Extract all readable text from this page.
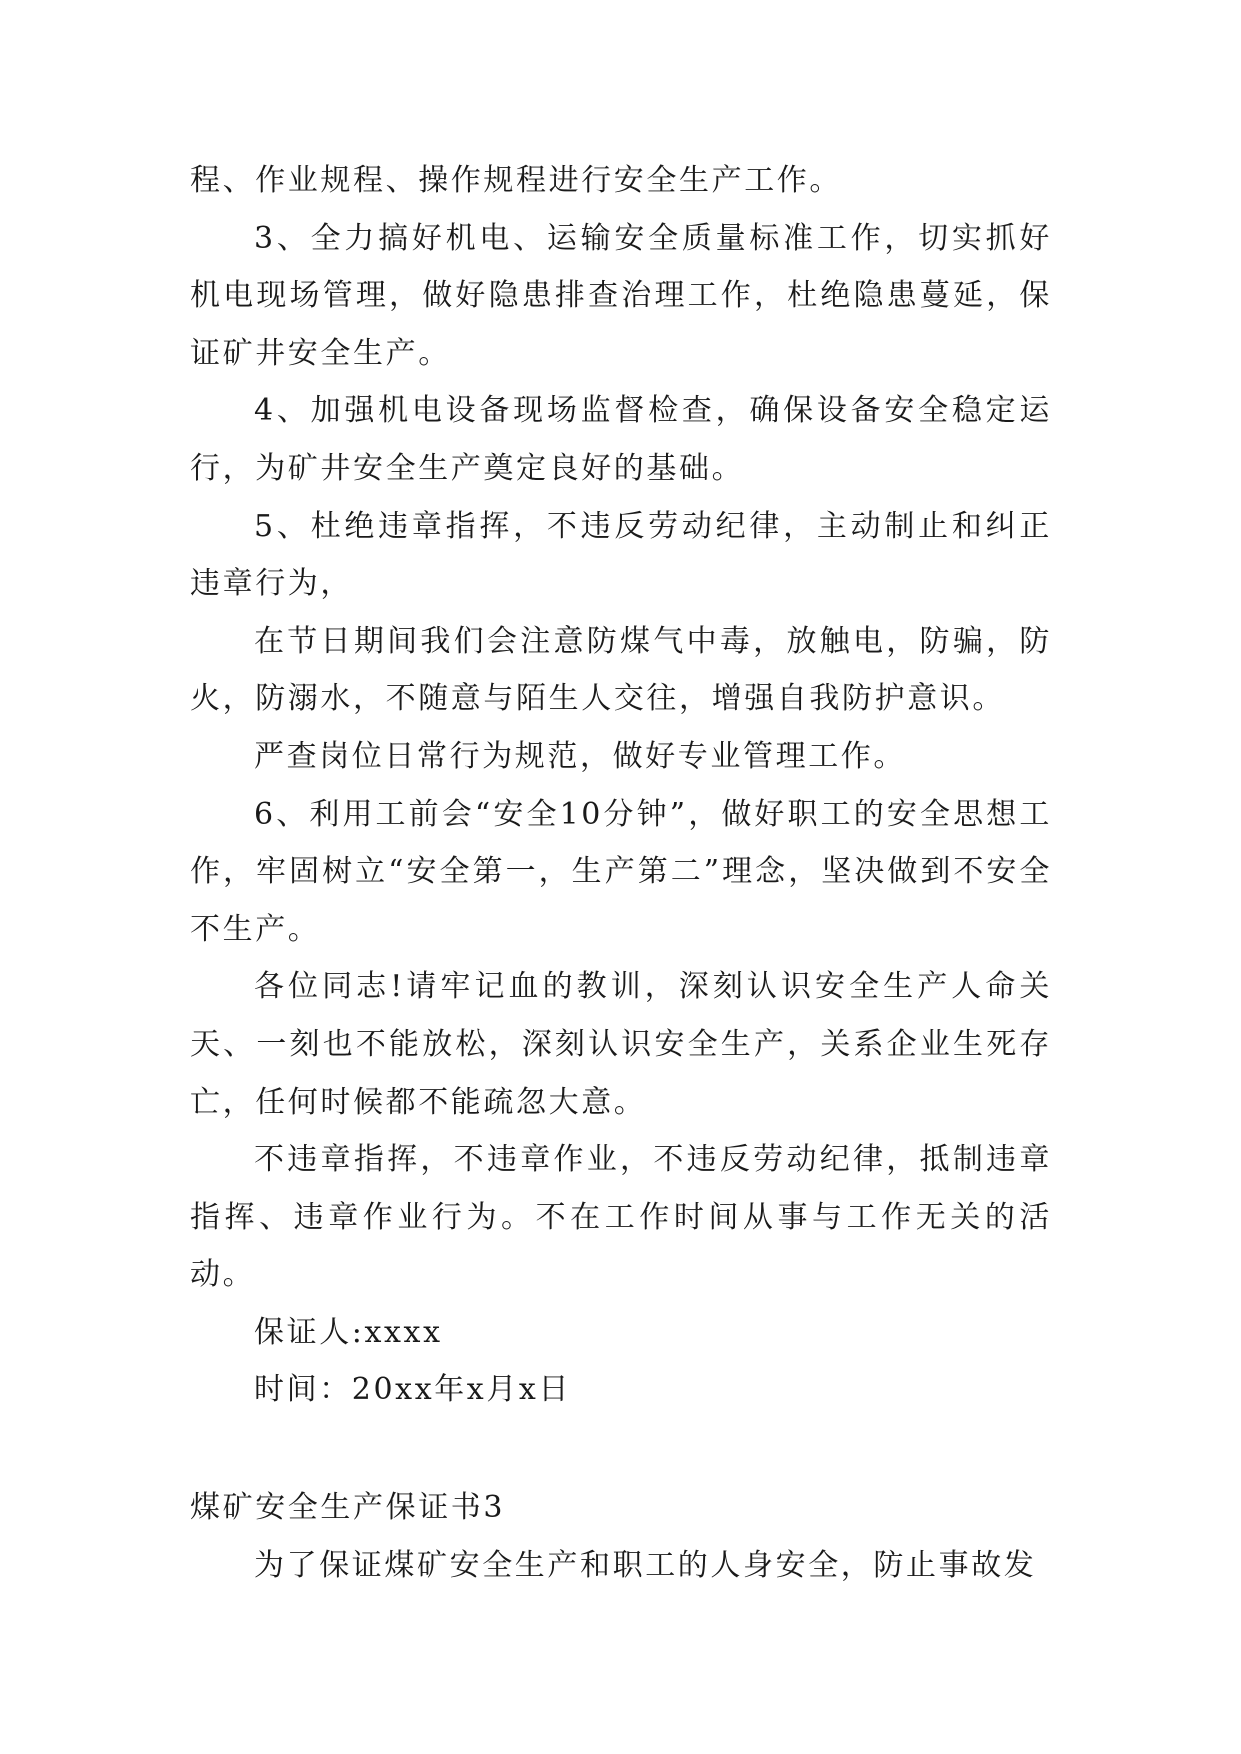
程、作业规程、操作规程进行安全生产工作。

3、全力搞好机电、运输安全质量标准工作，切实抓好机电现场管理，做好隐患排查治理工作，杜绝隐患蔓延，保证矿井安全生产。

4、加强机电设备现场监督检查，确保设备安全稳定运行，为矿井安全生产奠定良好的基础。

5、杜绝违章指挥，不违反劳动纪律，主动制止和纠正违章行为，

在节日期间我们会注意防煤气中毒，放触电，防骗，防火，防溺水，不随意与陌生人交往，增强自我防护意识。

严查岗位日常行为规范，做好专业管理工作。

6、利用工前会“安全10分钟”，做好职工的安全思想工作，牢固树立“安全第一，生产第二”理念，坚决做到不安全不生产。

各位同志!请牢记血的教训，深刻认识安全生产人命关天、一刻也不能放松，深刻认识安全生产，关系企业生死存亡，任何时候都不能疏忽大意。

不违章指挥，不违章作业，不违反劳动纪律，抵制违章指挥、违章作业行为。不在工作时间从事与工作无关的活动。

保证人:xxxx

时间：20xx年x月x日

煤矿安全生产保证书3

为了保证煤矿安全生产和职工的人身安全，防止事故发
